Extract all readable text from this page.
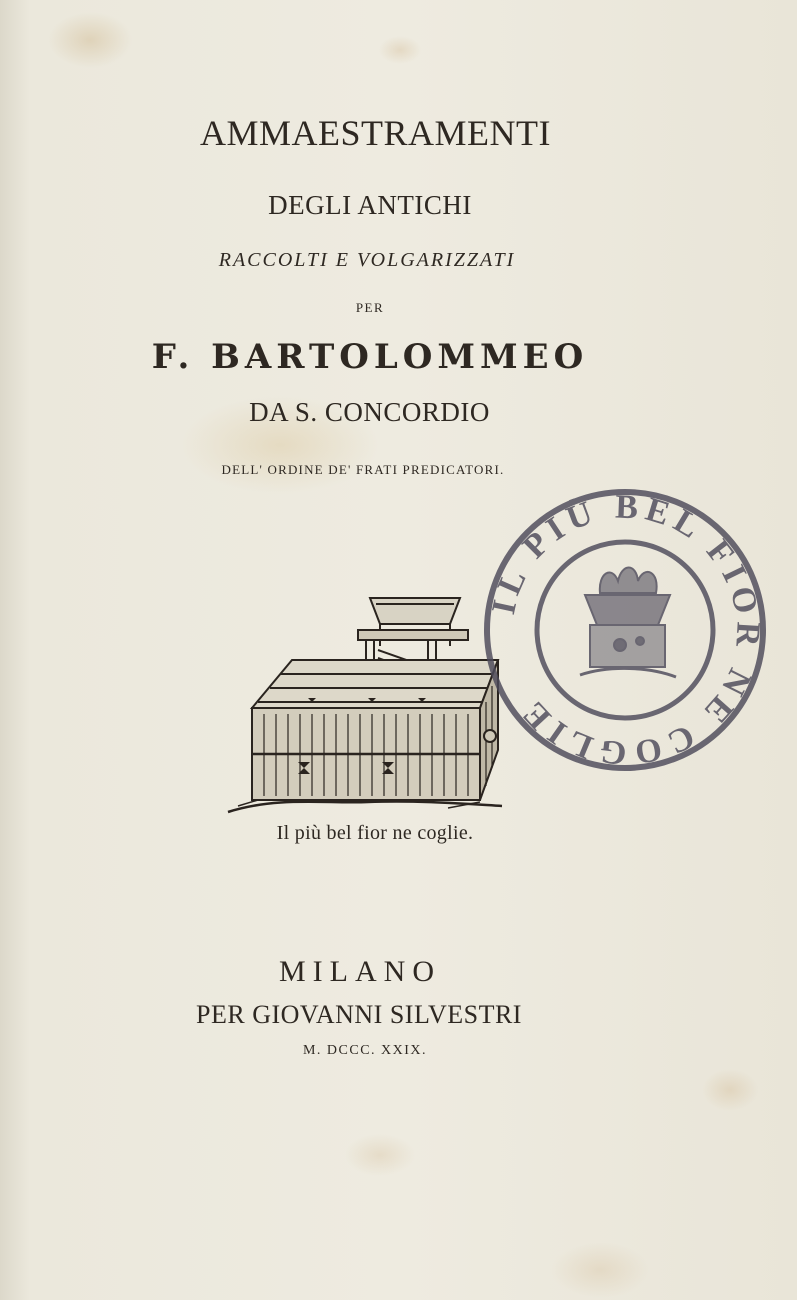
AMMAESTRAMENTI
DEGLI ANTICHI
RACCOLTI E VOLGARIZZATI
PER
F. BARTOLOMMEO
DA S. CONCORDIO
DELL' ORDINE DE' FRATI PREDICATORI.
Il più bel fior ne coglie.
IL PIÙ BEL FIOR NE COGLIE
MILANO
PER GIOVANNI SILVESTRI
M. DCCC. XXIX.
